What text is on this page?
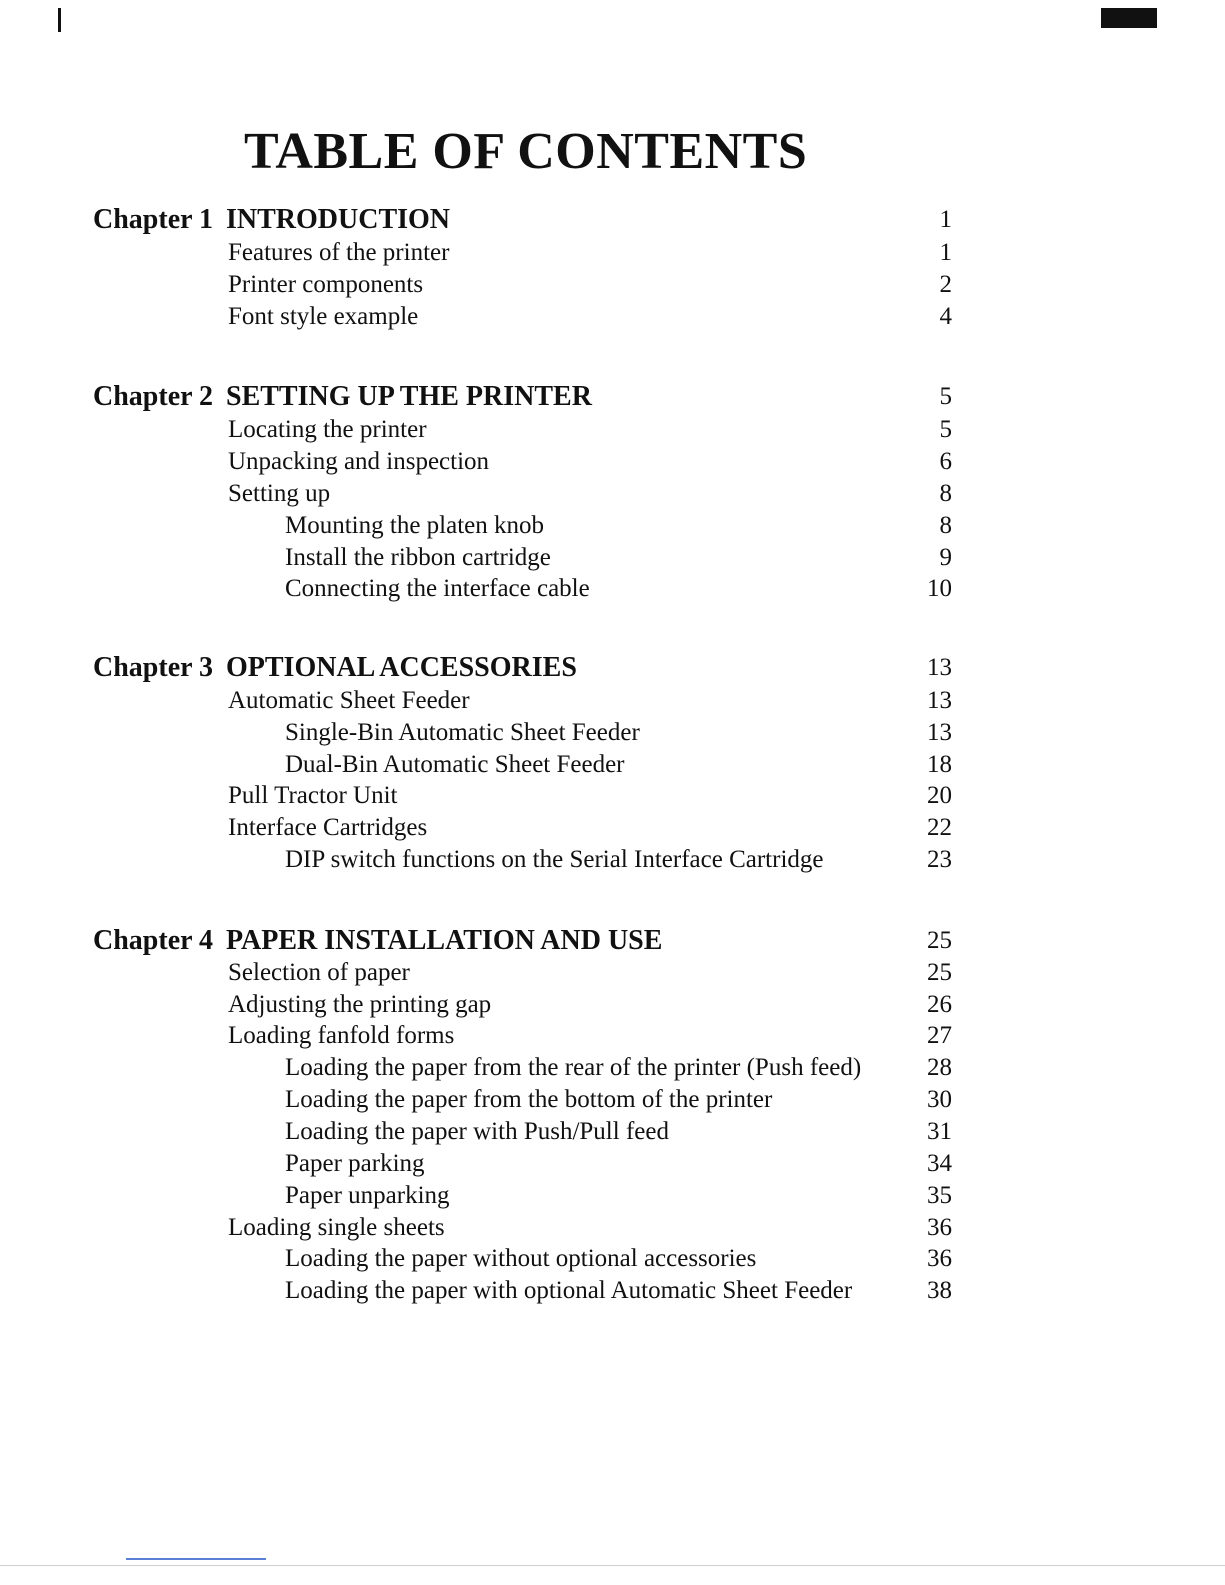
TABLE OF CONTENTS
Chapter 1 INTRODUCTION	1
Features of the printer	1
Printer components	2
Font style example	4
Chapter 2 SETTING UP THE PRINTER	5
Locating the printer	5
Unpacking and inspection	6
Setting up	8
Mounting the platen knob	8
Install the ribbon cartridge	9
Connecting the interface cable	10
Chapter 3 OPTIONAL ACCESSORIES	13
Automatic Sheet Feeder	13
Single-Bin Automatic Sheet Feeder	13
Dual-Bin Automatic Sheet Feeder	18
Pull Tractor Unit	20
Interface Cartridges	22
DIP switch functions on the Serial Interface Cartridge	23
Chapter 4 PAPER INSTALLATION AND USE	25
Selection of paper	25
Adjusting the printing gap	26
Loading fanfold forms	27
Loading the paper from the rear of the printer (Push feed)	28
Loading the paper from the bottom of the printer	30
Loading the paper with Push/Pull feed	31
Paper parking	34
Paper unparking	35
Loading single sheets	36
Loading the paper without optional accessories	36
Loading the paper with optional Automatic Sheet Feeder	38
